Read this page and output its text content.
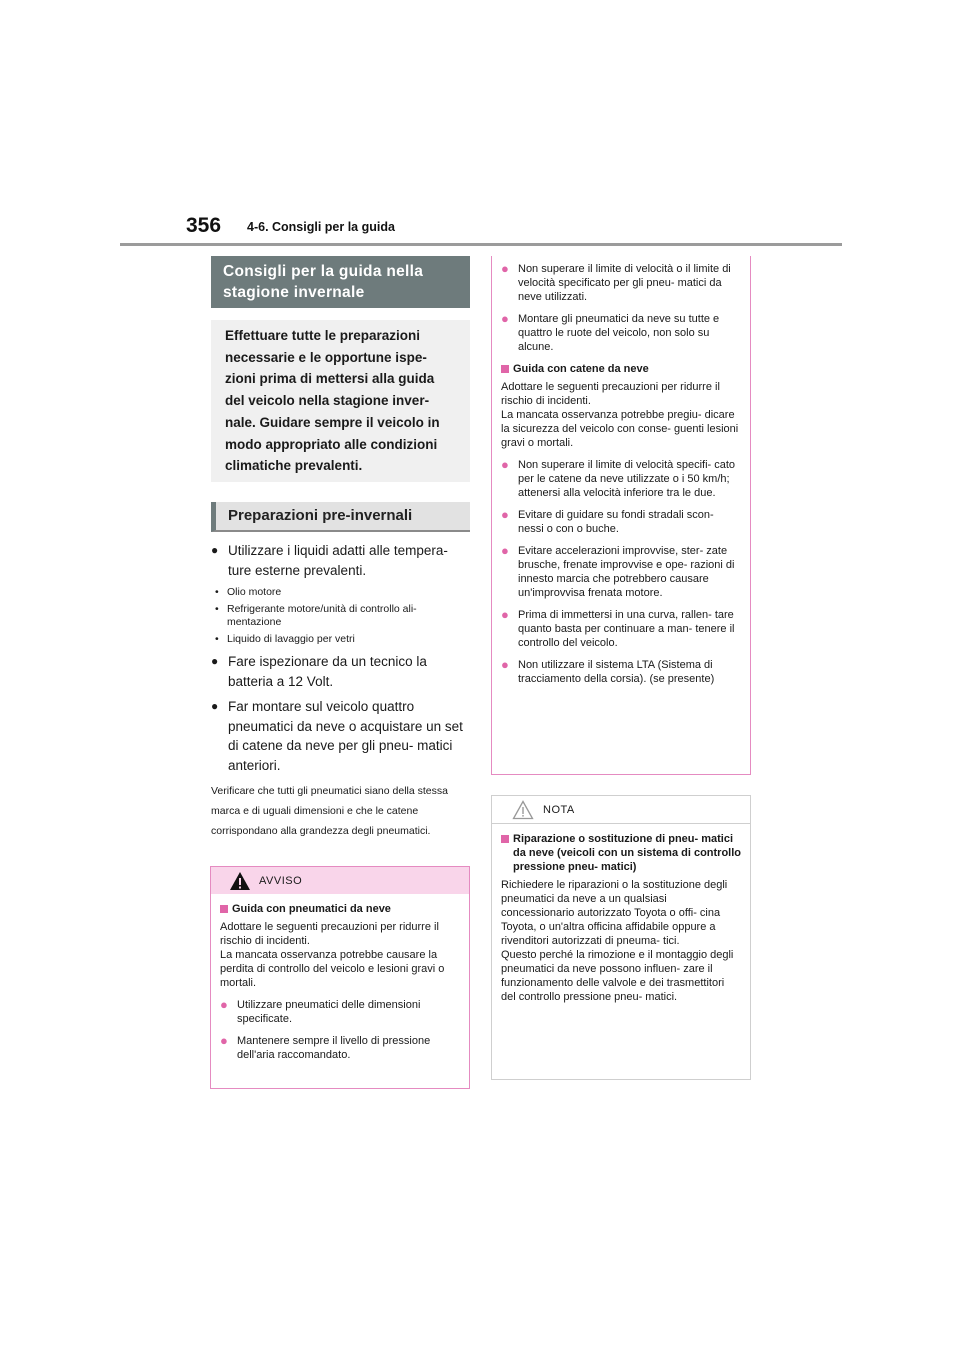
356 4-6. Consigli per la guida
Consigli per la guida nella stagione invernale
Effettuare tutte le preparazioni necessarie e le opportune ispe- zioni prima di mettersi alla guida del veicolo nella stagione inver- nale. Guidare sempre il veicolo in modo appropriato alle condizioni climatiche prevalenti.
Preparazioni pre-invernali
● Utilizzare i liquidi adatti alle tempera- ture esterne prevalenti.
• Olio motore
• Refrigerante motore/unità di controllo ali- mentazione
• Liquido di lavaggio per vetri
● Fare ispezionare da un tecnico la batteria a 12 Volt.
● Far montare sul veicolo quattro pneumatici da neve o acquistare un set di catene da neve per gli pneu- matici anteriori.
Verificare che tutti gli pneumatici siano della stessa marca e di uguali dimensioni e che le catene corrispondano alla grandezza degli pneumatici.
AVVISO
Guida con pneumatici da neve
Adottare le seguenti precauzioni per ridurre il rischio di incidenti.
La mancata osservanza potrebbe causare la perdita di controllo del veicolo e lesioni gravi o mortali.
● Utilizzare pneumatici delle dimensioni specificate.
● Mantenere sempre il livello di pressione dell'aria raccomandato.
● Non superare il limite di velocità o il limite di velocità specificato per gli pneu- matici da neve utilizzati.
● Montare gli pneumatici da neve su tutte e quattro le ruote del veicolo, non solo su alcune.
Guida con catene da neve
Adottare le seguenti precauzioni per ridurre il rischio di incidenti.
La mancata osservanza potrebbe pregiu- dicare la sicurezza del veicolo con conse- guenti lesioni gravi o mortali.
● Non superare il limite di velocità specifi- cato per le catene da neve utilizzate o i 50 km/h; attenersi alla velocità inferiore tra le due.
● Evitare di guidare su fondi stradali scon- nessi o con o buche.
● Evitare accelerazioni improvvise, ster- zate brusche, frenate improvvise e ope- razioni di innesto marcia che potrebbero causare un'improvvisa frenata motore.
● Prima di immettersi in una curva, rallen- tare quanto basta per continuare a man- tenere il controllo del veicolo.
● Non utilizzare il sistema LTA (Sistema di tracciamento della corsia). (se presente)
NOTA
Riparazione o sostituzione di pneu- matici da neve (veicoli con un sistema di controllo pressione pneu- matici)
Richiedere le riparazioni o la sostituzione degli pneumatici da neve a un qualsiasi concessionario autorizzato Toyota o offi- cina Toyota, o un'altra officina affidabile oppure a rivenditori autorizzati di pneuma- tici.
Questo perché la rimozione e il montaggio degli pneumatici da neve possono influen- zare il funzionamento delle valvole e dei trasmettitori del controllo pressione pneu- matici.
